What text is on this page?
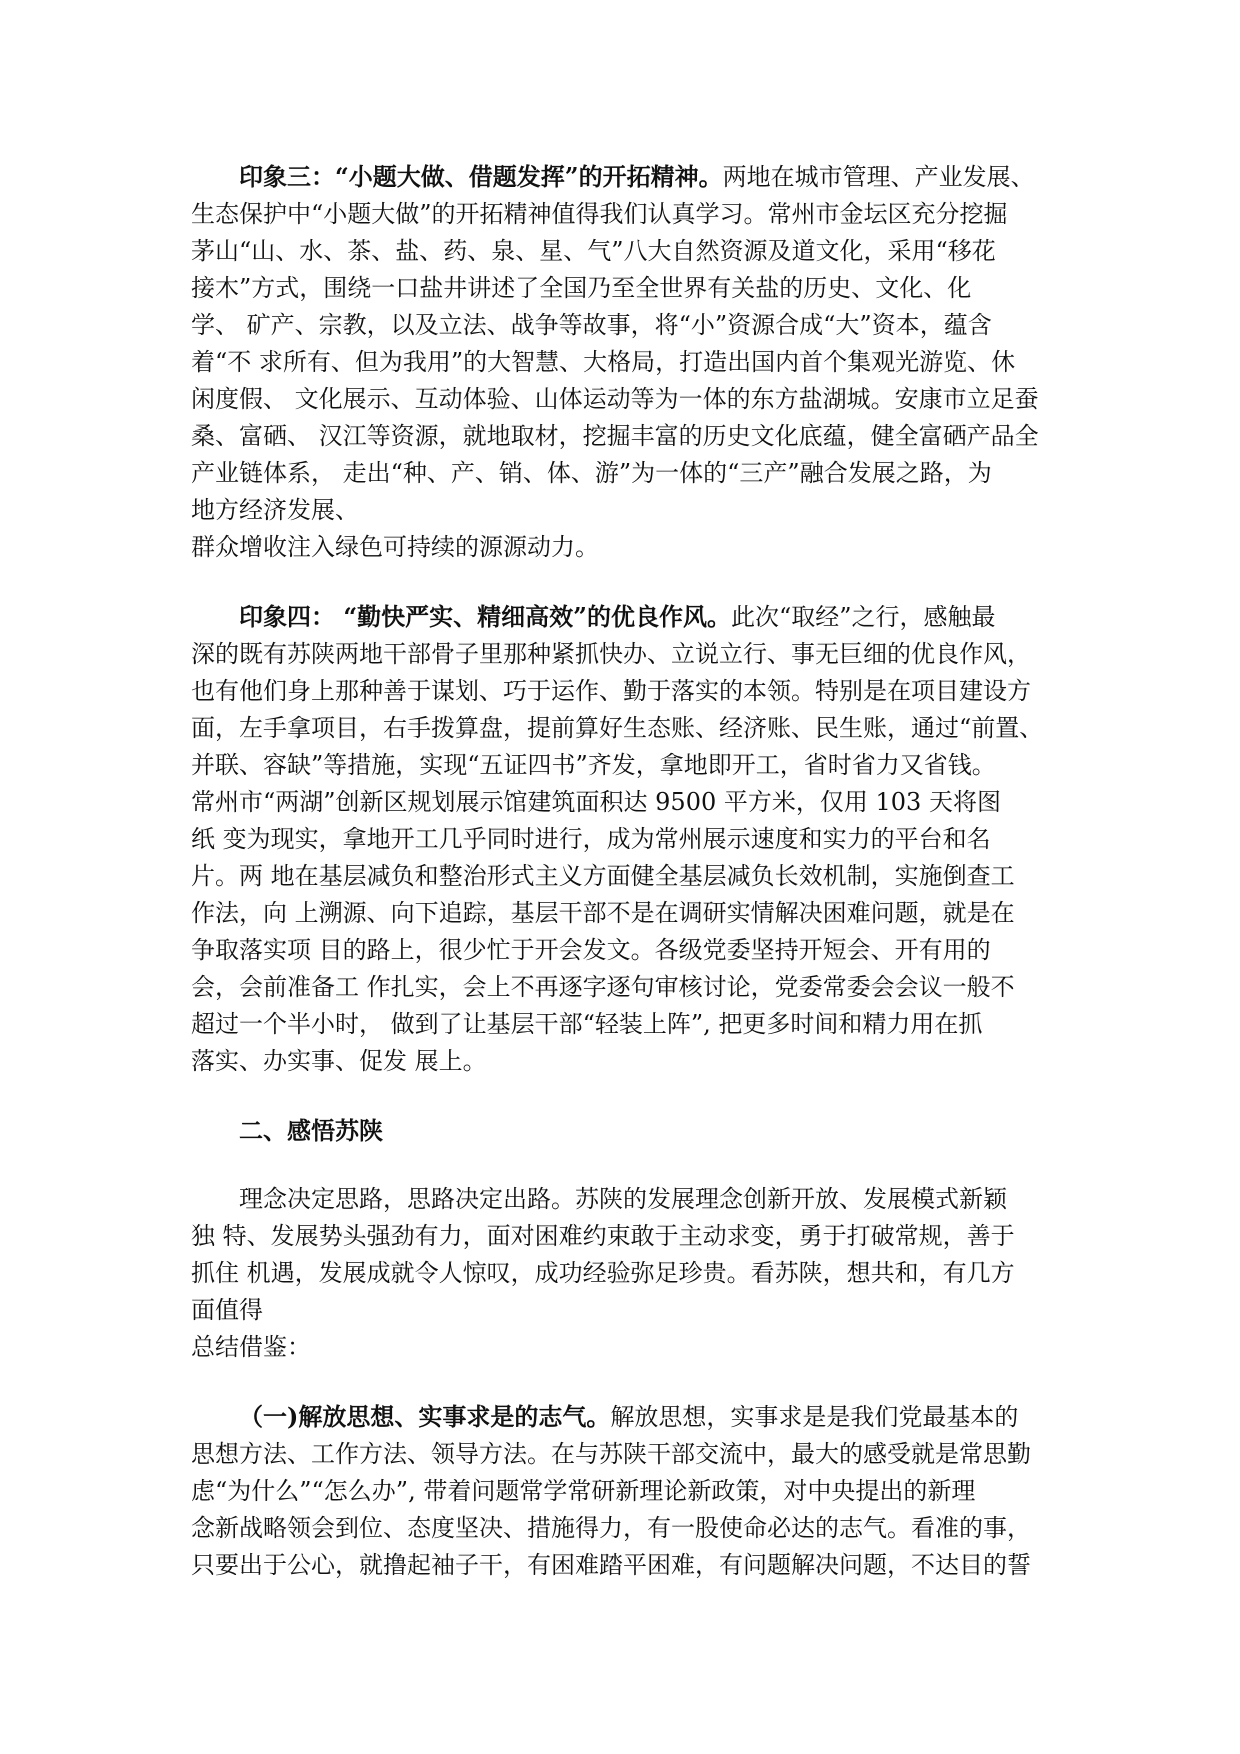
印象三：“小题大做、借题发挥”的开拓精神。两地在城市管理、产业发展、
生态保护中“小题大做”的开拓精神值得我们认真学习。常州市金坛区充分挖掘
茅山“山、水、茶、盐、药、泉、星、气”八大自然资源及道文化，采用“移花
接木”方式，围绕一口盐井讲述了全国乃至全世界有关盐的历史、文化、化
学、 矿产、宗教，以及立法、战争等故事，将“小”资源合成“大”资本，蕴含
着“不 求所有、但为我用”的大智慧、大格局，打造出国内首个集观光游览、休
闲度假、 文化展示、互动体验、山体运动等为一体的东方盐湖城。安康市立足蚕
桑、富硒、 汉江等资源，就地取材，挖掘丰富的历史文化底蕴，健全富硒产品全
产业链体系， 走出“种、产、销、体、游”为一体的“三产”融合发展之路，为
地方经济发展、
群众增收注入绿色可持续的源源动力。
印象四： “勤快严实、精细高效”的优良作风。此次“取经”之行，感触最
深的既有苏陕两地干部骨子里那种紧抓快办、立说立行、事无巨细的优良作风，
也有他们身上那种善于谋划、巧于运作、勤于落实的本领。特别是在项目建设方
面，左手拿项目，右手拨算盘，提前算好生态账、经济账、民生账，通过“前置、
并联、容缺”等措施，实现“五证四书”齐发，拿地即开工，省时省力又省钱。
常州市“两湖”创新区规划展示馆建筑面积达 9500 平方米，仅用 103 天将图
纸 变为现实，拿地开工几乎同时进行，成为常州展示速度和实力的平台和名
片。两 地在基层减负和整治形式主义方面健全基层减负长效机制，实施倒查工
作法，向 上溯源、向下追踪，基层干部不是在调研实情解决困难问题，就是在
争取落实项 目的路上，很少忙于开会发文。各级党委坚持开短会、开有用的
会，会前准备工 作扎实，会上不再逐字逐句审核讨论，党委常委会会议一般不
超过一个半小时， 做到了让基层干部“轻装上阵”, 把更多时间和精力用在抓
落实、办实事、促发 展上。
二、感悟苏陕
理念决定思路，思路决定出路。苏陕的发展理念创新开放、发展模式新颖
独 特、发展势头强劲有力，面对困难约束敢于主动求变，勇于打破常规，善于
抓住 机遇，发展成就令人惊叹，成功经验弥足珍贵。看苏陕，想共和，有几方
面值得
总结借鉴：
（一)解放思想、实事求是的志气。解放思想，实事求是是我们党最基本的
思想方法、工作方法、领导方法。在与苏陕干部交流中，最大的感受就是常思勤
虑“为什么”“怎么办”, 带着问题常学常研新理论新政策，对中央提出的新理
念新战略领会到位、态度坚决、措施得力，有一股使命必达的志气。看准的事，
只要出于公心，就撸起袖子干，有困难踏平困难，有问题解决问题，不达目的誓
